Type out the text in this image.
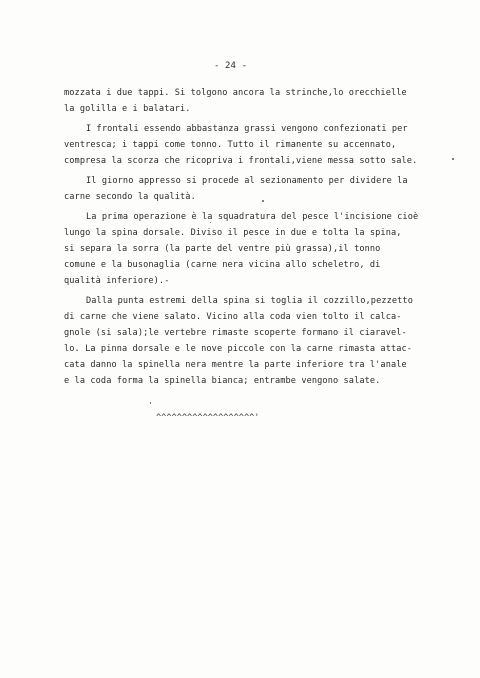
- 24 -
mozzata i due tappi. Si tolgono ancora la strinche,lo orecchielle
la golilla e i balatari.
I frontali essendo abbastanza grassi vengono confezionati per
ventresca; i tappi come tonno. Tutto il rimanente su accennato,
compresa la scorza che ricopriva i frontali,viene messa sotto sale.
Il giorno appresso si procede al sezionamento per dividere la
carne secondo la qualità.
La prima operazione è la squadratura del pesce l'incisione cioè
lungo la spina dorsale. Diviso il pesce in due e tolta la spina,
si separa la sorra (la parte del ventre più grassa),il tonno
comune e la busonaglia (carne nera vicina allo scheletro, di
qualità inferiore).-
Dalla punta estremi della spina si toglia il cozzillo,pezzetto
di carne che viene salato. Vicino alla coda vien tolto il calca-
gnole (si sala);le vertebre rimaste scoperte formano il ciaravel-
lo. La pinna dorsale e le nove piccole con la carne rimasta attac-
cata danno la spinella nera mentre la parte inferiore tra l'anale
e la coda forma la spinella bianca; entrambe vengono salate.
^^^^^^^^^^^^^^^^^^^'
